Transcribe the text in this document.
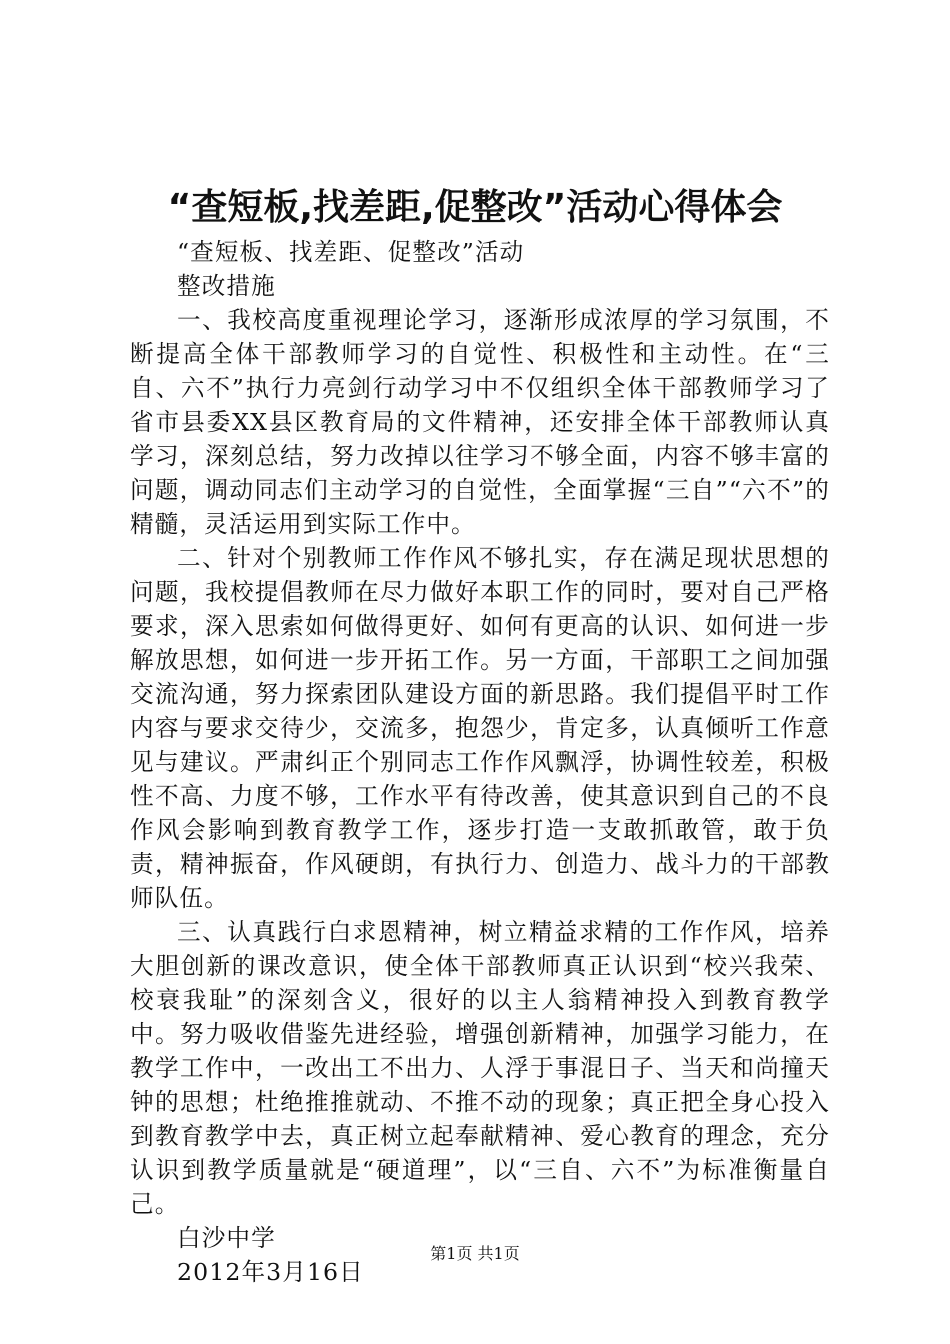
“查短板,找差距,促整改”活动心得体会
“查短板、找差距、促整改”活动
整改措施

一、我校高度重视理论学习，逐渐形成浓厚的学习氛围，不断提高全体干部教师学习的自觉性、积极性和主动性。在“三自、六不”执行力亮剑行动学习中不仅组织全体干部教师学习了省市县委XX县区教育局的文件精神，还安排全体干部教师认真学习，深刻总结，努力改掉以往学习不够全面，内容不够丰富的问题，调动同志们主动学习的自觉性，全面掌握“三自”“六不”的精髓，灵活运用到实际工作中。

二、针对个别教师工作作风不够扎实，存在满足现状思想的问题，我校提倡教师在尽力做好本职工作的同时，要对自己严格要求，深入思索如何做得更好、如何有更高的认识、如何进一步解放思想，如何进一步开拓工作。另一方面，干部职工之间加强交流沟通，努力探索团队建设方面的新思路。我们提倡平时工作内容与要求交待少，交流多，抱怨少，肯定多，认真倾听工作意见与建议。严肃纠正个别同志工作作风飘浮，协调性较差，积极性不高、力度不够，工作水平有待改善，使其意识到自己的不良作风会影响到教育教学工作，逐步打造一支敢抓敢管，敢于负责，精神振奋，作风硬朗，有执行力、创造力、战斗力的干部教师队伍。

三、认真践行白求恩精神，树立精益求精的工作作风，培养大胆创新的课改意识，使全体干部教师真正认识到“校兴我荣、校衰我耻”的深刻含义，很好的以主人翁精神投入到教育教学中。努力吸收借鉴先进经验，增强创新精神，加强学习能力，在教学工作中，一改出工不出力、人浮于事混日子、当天和尚撞天钟的思想；杜绝推推就动、不推不动的现象；真正把全身心投入到教育教学中去，真正树立起奉献精神、爱心教育的理念，充分认识到教学质量就是“硬道理”，以“三自、六不”为标准衡量自己。

白沙中学
2012年3月16日
第1页 共1页
